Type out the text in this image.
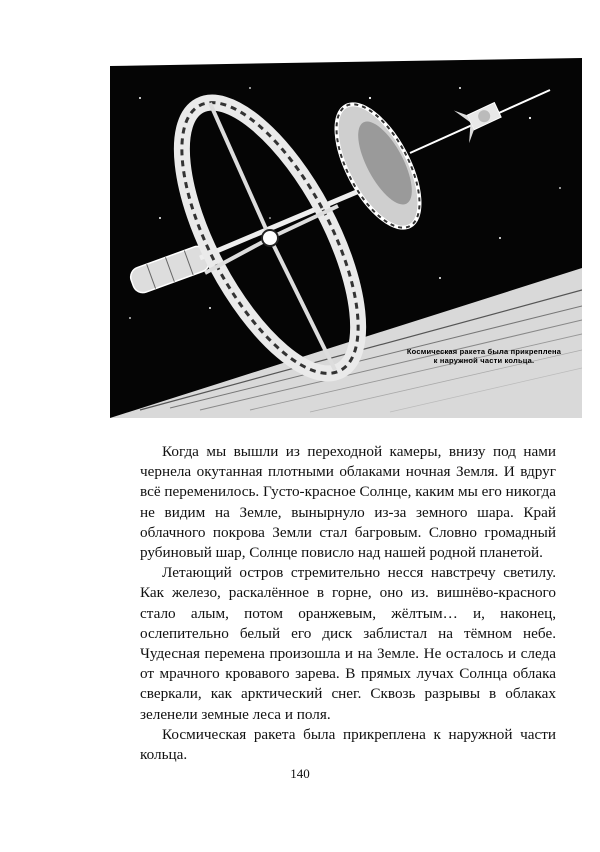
Космическая ракета была прикреплена
к наружной части кольца.

Когда мы вышли из переходной камеры, внизу под нами чернела окутанная плотными облаками ночная Земля. И вдруг всё переменилось. Густо-красное Солнце, каким мы его никогда не видим на Земле, вынырнуло из-за земного шара. Край облачного покрова Земли стал багровым. Словно громадный рубиновый шар, Солнце повисло над нашей родной планетой.

Летающий остров стремительно несся навстречу светилу. Как железо, раскалённое в горне, оно из. вишнёво-красного стало алым, потом оранжевым, жёлтым… и, наконец, ослепительно белый его диск заблистал на тёмном небе. Чудесная перемена произошла и на Земле. Не осталось и следа от мрачного кровавого зарева. В прямых лучах Солнца облака сверкали, как арктический снег. Сквозь разрывы в облаках зеленели земные леса и поля.

Космическая ракета была прикреплена к наружной части кольца.

140
